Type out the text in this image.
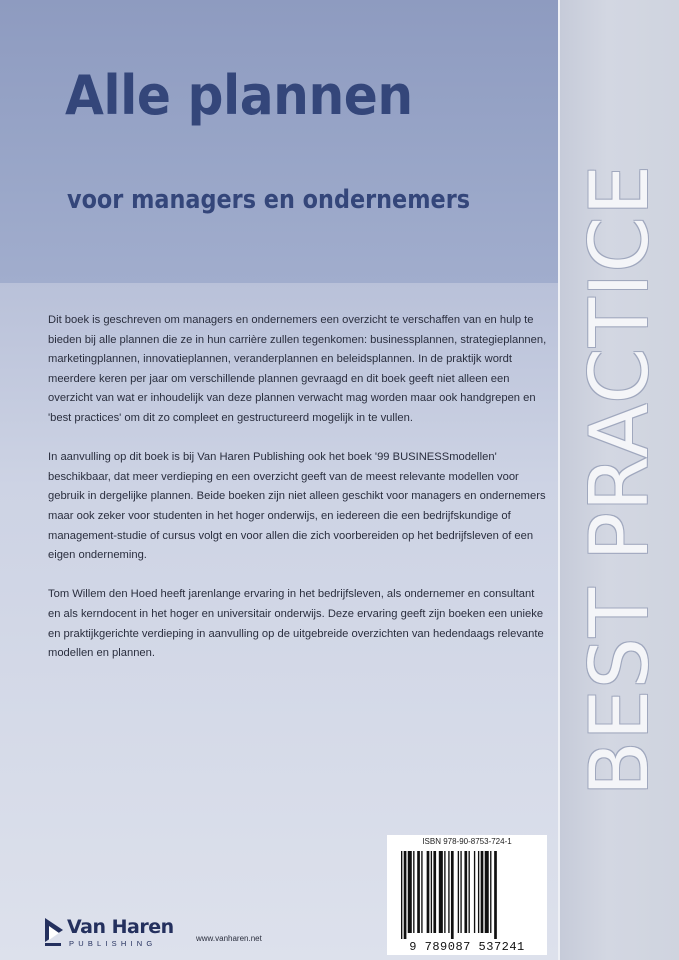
Alle plannen
voor managers en ondernemers

Dit boek is geschreven om managers en ondernemers een overzicht te verschaffen van en hulp te bieden bij alle plannen die ze in hun carrière zullen tegenkomen: businessplannen, strategieplannen, marketingplannen, innovatieplannen, veranderplannen en beleidsplannen. In de praktijk wordt meerdere keren per jaar om verschillende plannen gevraagd en dit boek geeft niet alleen een overzicht van wat er inhoudelijk van deze plannen verwacht mag worden maar ook handgrepen en 'best practices' om dit zo compleet en gestructureerd mogelijk in te vullen.

In aanvulling op dit boek is bij Van Haren Publishing ook het boek '99 BUSINESSmodellen' beschikbaar, dat meer verdieping en een overzicht geeft van de meest relevante modellen voor gebruik in dergelijke plannen. Beide boeken zijn niet alleen geschikt voor managers en ondernemers maar ook zeker voor studenten in het hoger onderwijs, en iedereen die een bedrijfskundige of management-studie of cursus volgt en voor allen die zich voorbereiden op het bedrijfsleven of een eigen onderneming.

Tom Willem den Hoed heeft jarenlange ervaring in het bedrijfsleven, als ondernemer en consultant en als kerndocent in het hoger en universitair onderwijs. Deze ervaring geeft zijn boeken een unieke en praktijkgerichte verdieping in aanvulling op de uitgebreide overzichten van hedendaags relevante modellen en plannen.	BEST PRACTICE
ISBN 978-90-8753-724-1
9 789087 537241
Van Haren
PUBLISHING
www.vanharen.net
